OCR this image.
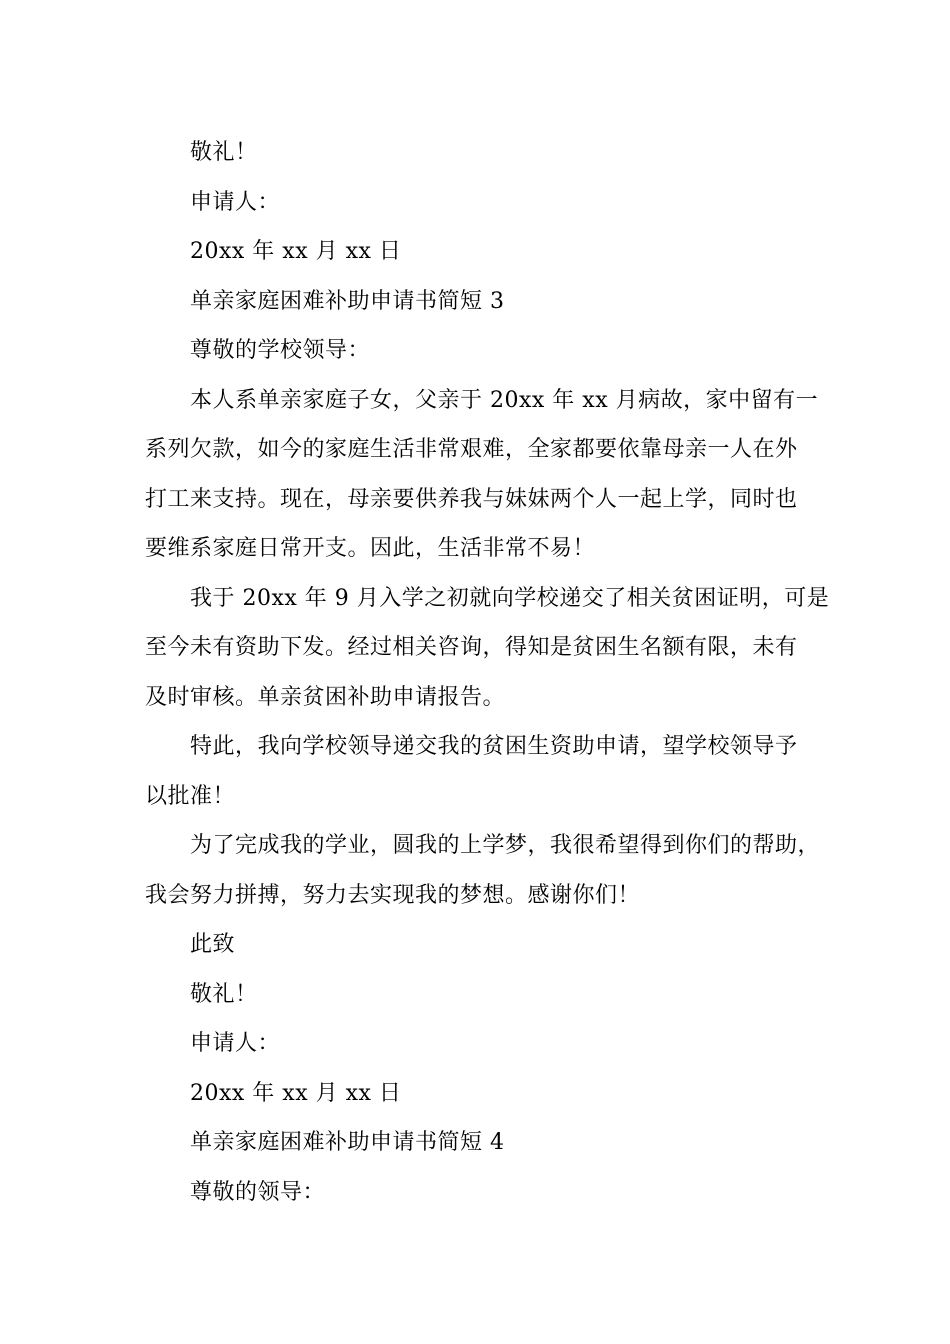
敬礼！
申请人：
20xx 年 xx 月 xx 日
单亲家庭困难补助申请书简短 3
尊敬的学校领导：
本人系单亲家庭子女，父亲于 20xx 年 xx 月病故，家中留有一
系列欠款，如今的家庭生活非常艰难，全家都要依靠母亲一人在外
打工来支持。现在，母亲要供养我与妹妹两个人一起上学，同时也
要维系家庭日常开支。因此，生活非常不易！
我于 20xx 年 9 月入学之初就向学校递交了相关贫困证明，可是
至今未有资助下发。经过相关咨询，得知是贫困生名额有限，未有
及时审核。单亲贫困补助申请报告。
特此，我向学校领导递交我的贫困生资助申请，望学校领导予
以批准！
为了完成我的学业，圆我的上学梦，我很希望得到你们的帮助，
我会努力拼搏，努力去实现我的梦想。感谢你们！
此致
敬礼！
申请人：
20xx 年 xx 月 xx 日
单亲家庭困难补助申请书简短 4
尊敬的领导：
